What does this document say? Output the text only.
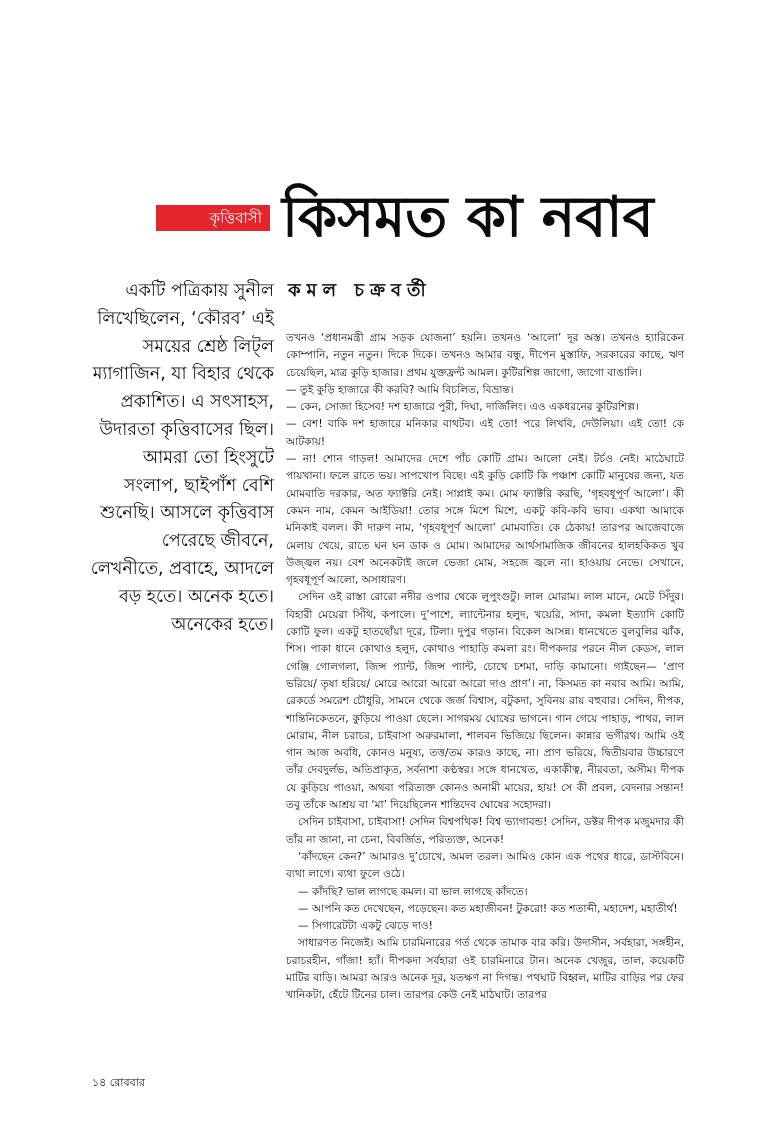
কৃত্তিবাসী কিসমত কা নবাব
কমল চক্রবর্তী
একটি পত্রিকায় সুনীল লিখেছিলেন, ‘কৌরব’ এই সময়ের শ্রেষ্ঠ লিট্‌ল ম্যাগাজিন, যা বিহার থেকে প্রকাশিত। এ সৎসাহস, উদারতা কৃত্তিবাসের ছিল। আমরা তো হিংসুটে সংলাপ, ছাইপাঁশ বেশি শুনেছি। আসলে কৃত্তিবাস পেরেছে জীবনে, লেখনীতে, প্রবাহে, আদলে বড় হতে। অনেক হতে। অনেকের হতে।

তখনও ‘প্রধানমন্ত্রী গ্রাম সড়ক যোজনা’ হয়নি। তখনও ‘আলো’ দূর অস্ত। তখনও হ্যারিকেন কোম্পানি, নতুন নতুন। দিকে দিকে। তখনও আমার বন্ধু, দীপেন মুস্তাফি, সরকারের কাছে, ঋণ চেয়েছিল, মাত্র কুড়ি হাজার। প্রথম যুক্তফ্রন্ট আমল। কুটিরশিল্প জাগো, জাগো বাঙালি।

— তুই কুড়ি হাজারে কী করবি? আমি বিচলিত, বিভ্রান্ত।

— কেন, সোজা হিসেব! দশ হাজারে পুরী, দিঘা, দার্জিলিং। এও একধরনের কুটিরশিল্প।

— বেশ! বাকি দশ হাজারে মনিকার বাথটব। এই তো! পরে লিখবি, দেউলিয়া। এই তো! কে আটকায়!

— না! শোন গাড়ল! আমাদের দেশে পাঁচ কোটি গ্রাম। আলো নেই। টর্চও নেই। মাঠেঘাটে পায়খানা। ফলে রাতে ভয়। সাপখোপ বিছে। এই কুড়ি কোটি কি পঞ্চাশ কোটি মানুষের জন্য, যত মোমবাতি দরকার, অত ফ্যাক্টরি নেই। সাপ্লাই কম। মোম ফ্যাক্টরি করছি, ‘গৃহবধূপূর্ণ আলো’। কী কেমন নাম, কেমন আইডিয়া! তোর সঙ্গে মিশে মিশে, একটু কবি-কবি ভাব। একথা আমাকে মনিকাই বলল। কী দারুণ নাম, ‘গৃহবধূপূর্ণ আলো’ মোমবাতি। কে ঠেকায়! তারপর আজেবাজে মেলায় খেয়ে, রাতে ঘন ঘন ডাক ও মোম। আমাদের আর্থসামাজিক জীবনের হালহকিকত খুব উজ্জ্বল নয়। বেশ অনেকটাই জলে ভেজা মোম, সহজে জ্বলে না। হাওয়ায় নেভে। সেখানে, গৃহবধূপূর্ণ আলো, অসাধারণ।

সেদিন ওই রাস্তা রোরো নদীর ওপার থেকে লুপুংগুটু। লাল মোরাম। লাল মানে, মেটে সিঁদুর। বিহারী মেয়েরা সিঁথি, কপালে। দু’পাশে, ল্যান্টেনার হলুদ, খয়েরি, সাদা, কমলা ইত্যাদি কোটি কোটি ফুল। একটু হাতছোঁয়া দূরে, টিলা। দুপুর গড়ান। বিকেল আসন্ন। ধানখেতে বুলবুলির ঝাঁক, শিস। পাকা ধানে কোথাও হলুদ, কোথাও পাহাড়ি কমলা রং। দীপকদার পরনে নীল কেডস, লাল গেঞ্জি গোলগলা, জিন্স প্যান্ট, জিন্স প্যান্ট, চোখে চশমা, দাড়ি কামানো। গাইছেন— ‘প্রাণ ভরিয়ে/ তৃষা হরিয়ে/ মোরে আরো আরো আরো দাও প্রাণ’। না, কিসমত কা নবাব আমি। আমি, রেকর্ডে সমরেশ চৌধুরি, সামনে থেকে জর্জ বিশ্বাস, বটুকদা, সুবিনয় রায় বহুবার। সেদিন, দীপক, শান্তিনিকেতনে, কুড়িয়ে পাওয়া ছেলে। সাগরময় ঘোষের ভাগনে। গান গেয়ে পাহাড়, পাথর, লাল মোরাম, নীল চরাচর, চাইবাসা অরুরমালা, শালবন ভিজিয়ে ছিলেন। কান্নার ভগীরথ। আমি ওই গান আজ অবধি, কোনও মনুষ্য, তত্ত/তম কারও কাছে, না। প্রাণ ভরিয়ে, দ্বিতীয়বার উচ্চারণে তাঁর দেবদুর্লভ, অতিপ্রাকৃত, সর্বনাশা কণ্ঠস্বর। সঙ্গে ধানখেত, একাকীত্ব, নীরবতা, অসীম। দীপক যে কুড়িয়ে পাওয়া, অথবা পরিত্যক্ত কোনও অনামী মায়ের, হায়! সে কী প্রবল, বেদনার সন্তান! তবু তাঁকে আশ্রয় বা ‘মা’ দিয়েছিলেন শান্তিদেব ঘোষের সহোদরা।

সেদিন চাইবাসা, চাইবাসা! সেদিন বিশ্বপথিক! বিশ্ব ভ্যাগাবন্ড! সেদিন, ডক্টর দীপক মজুমদার কী তাঁর না জানা, না চেনা, বিবর্জিত, পরিত্যক্ত, অনেক!

‘কাঁদছেন কেন?’ আমারও দু’চোখে, অমল তরল। আমিও কোন এক পথের ধারে, ডাস্টবিনে। ব্যথা লাগে। ব্যথা ফুলে ওঠে।

— কাঁদছি? ভাল লাগছে কমল। বা ভাল লাগছে কাঁদতে।

— আপনি কত দেখেছেন, পড়েছেন। কত মহাজীবন! টুকরো! কত শতাব্দী, মহাদেশ, মহাতীর্থ!

— সিগারেটটা একটু ঝেড়ে দাও!

সাধারণত নিজেই। আমি চারমিনারের গর্ত থেকে তামাক বার করি। উদাসীন, সর্বহারা, সঙ্গহীন, চরাচরহীন, গাঁজা! হ্যাঁ। দীপকদা সর্বহারা ওই চারমিনারে টান। অনেক খেজুর, তাল, কয়েকটি মাটির বাড়ি। আমরা আরও অনেক দূর, যতক্ষণ না দিগন্ত। পথঘাট বিহ্বল, মাটির বাড়ির পর ফের খানিকটা, হেঁটে টিনের চাল। তারপর কেউ নেই মাঠঘাট। তারপর

১৪ রোববার
